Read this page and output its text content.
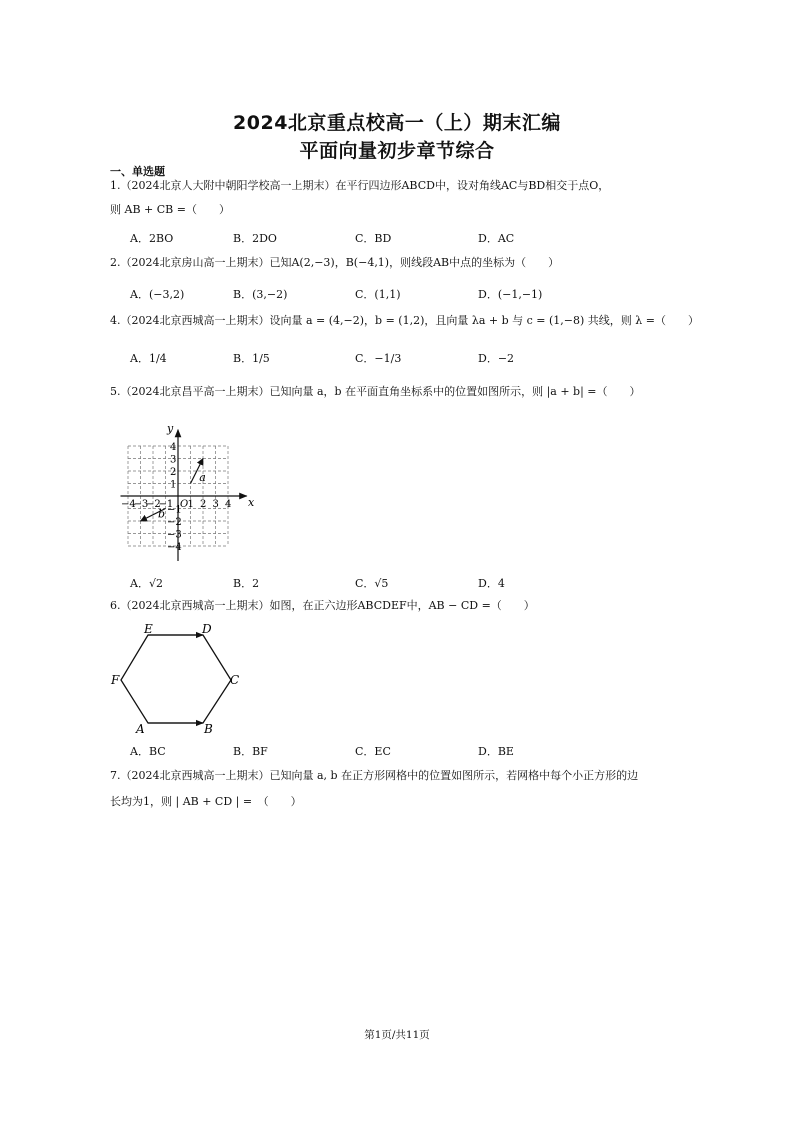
2024北京重点校高一（上）期末汇编
平面向量初步章节综合
一、单选题
1.（2024北京人大附中朝阳学校高一上期末）在平行四边形ABCD中，设对角线AC与BD相交于点O，
则 AB + CB =（　　）
A．2BO	B．2DO	C．BD	D．AC
2.（2024北京房山高一上期末）已知A(2,−3)，B(−4,1)，则线段AB中点的坐标为（　　）
A．(−3,2)	B．(3,−2)	C．(1,1)	D．(−1,−1)
4.（2024北京西城高一上期末）设向量 a = (4,−2)，b = (1,2)，且向量 λa + b 与 c = (1,−8) 共线，则 λ =（　　）
A．1/4	B．1/5	C．−1/3	D．−2
5.（2024北京昌平高一上期末）已知向量 a，b 在平面直角坐标系中的位置如图所示，则 |a + b| =（　　）
−4
−3
−2
−1 1 2 3 4
4
3
2
1
−1
−2
−3
−4
x
y
O
a
b
A．√2	B．2	C．√5	D．4
6.（2024北京西城高一上期末）如图，在正六边形ABCDEF中，AB − CD =（　　）
A	B
C
D
E
F
A．BC	B．BF	C．EC	D．BE
7.（2024北京西城高一上期末）已知向量 a, b 在正方形网格中的位置如图所示，若网格中每个小正方形的边
长均为1，则 | AB + CD | =　（　　）
第1页/共11页
